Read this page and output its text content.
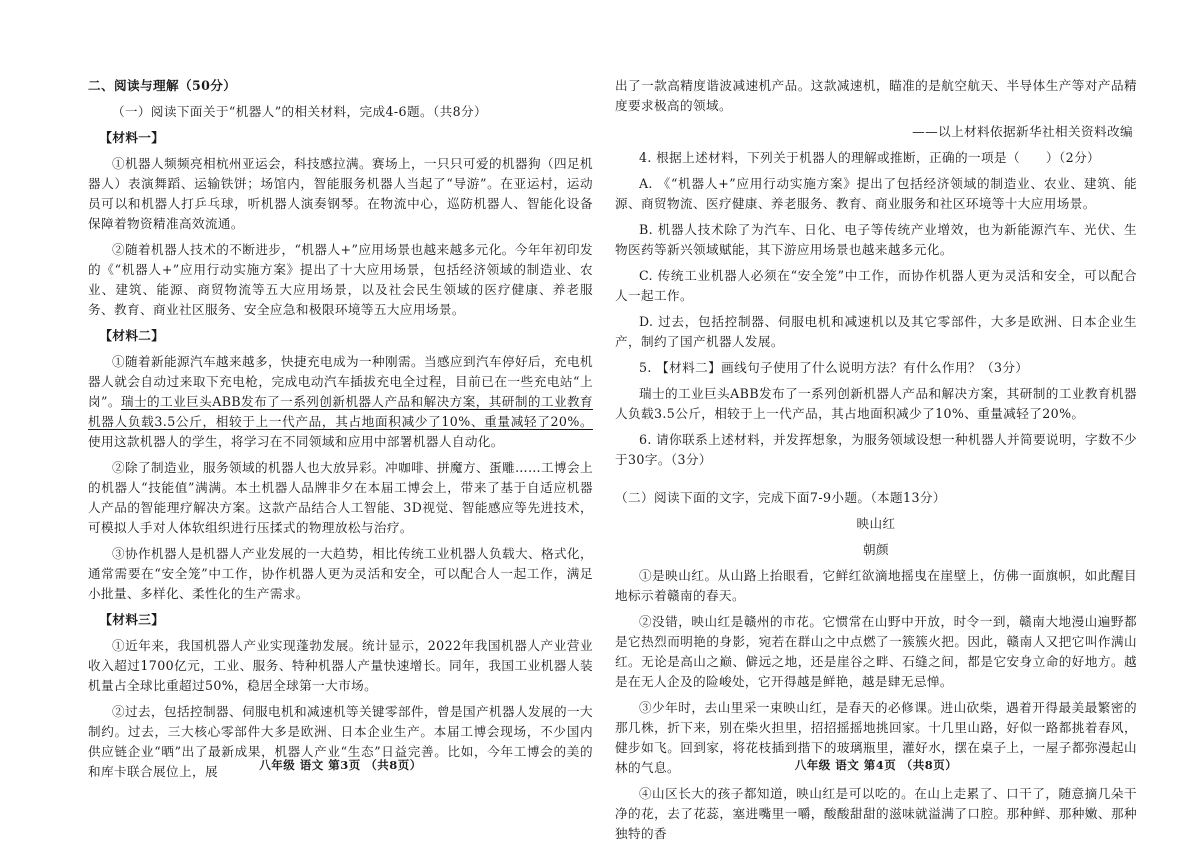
二、阅读与理解（50分）

（一）阅读下面关于“机器人”的相关材料，完成4-6题。（共8分）

【材料一】

①机器人频频亮相杭州亚运会，科技感拉满。赛场上，一只只可爱的机器狗（四足机器人）表演舞蹈、运输铁饼；场馆内，智能服务机器人当起了“导游”。在亚运村，运动员可以和机器人打乒乓球，听机器人演奏钢琴。在物流中心，巡防机器人、智能化设备保障着物资精准高效流通。

②随着机器人技术的不断进步，“机器人+”应用场景也越来越多元化。今年年初印发的《“机器人+”应用行动实施方案》提出了十大应用场景，包括经济领域的制造业、农业、建筑、能源、商贸物流等五大应用场景，以及社会民生领域的医疗健康、养老服务、教育、商业社区服务、安全应急和极限环境等五大应用场景。

【材料二】

①随着新能源汽车越来越多，快捷充电成为一种刚需。当感应到汽车停好后，充电机器人就会自动过来取下充电枪，完成电动汽车插拔充电全过程，目前已在一些充电站“上岗”。瑞士的工业巨头ABB发布了一系列创新机器人产品和解决方案，其研制的工业教育机器人负载3.5公斤，相较于上一代产品，其占地面积减少了10%、重量减轻了20%。使用这款机器人的学生，将学习在不同领域和应用中部署机器人自动化。

②除了制造业，服务领域的机器人也大放异彩。冲咖啡、拼魔方、蛋雕……工博会上的机器人“技能值”满满。本土机器人品牌非夕在本届工博会上，带来了基于自适应机器人产品的智能理疗解决方案。这款产品结合人工智能、3D视觉、智能感应等先进技术，可模拟人手对人体软组织进行压揉式的物理放松与治疗。

③协作机器人是机器人产业发展的一大趋势，相比传统工业机器人负载大、格式化，通常需要在“安全笼”中工作，协作机器人更为灵活和安全，可以配合人一起工作，满足小批量、多样化、柔性化的生产需求。

【材料三】

①近年来，我国机器人产业实现蓬勃发展。统计显示，2022年我国机器人产业营业收入超过1700亿元，工业、服务、特种机器人产量快速增长。同年，我国工业机器人装机量占全球比重超过50%，稳居全球第一大市场。

②过去，包括控制器、伺服电机和减速机等关键零部件，曾是国产机器人发展的一大制约。过去，三大核心零部件大多是欧洲、日本企业生产。本届工博会现场，不少国内供应链企业“晒”出了最新成果，机器人产业“生态”日益完善。比如，今年工博会的美的和库卡联合展位上，展	八年级 语文 第3页 （共8页）

出了一款高精度谐波减速机产品。这款减速机，瞄准的是航空航天、半导体生产等对产品精度要求极高的领域。

——以上材料依据新华社相关资料改编

4. 根据上述材料，下列关于机器人的理解或推断，正确的一项是（　　）（2分）

A. 《“机器人+”应用行动实施方案》提出了包括经济领域的制造业、农业、建筑、能源、商贸物流、医疗健康、养老服务、教育、商业服务和社区环境等十大应用场景。

B. 机器人技术除了为汽车、日化、电子等传统产业增效，也为新能源汽车、光伏、生物医药等新兴领域赋能，其下游应用场景也越来越多元化。

C. 传统工业机器人必须在“安全笼”中工作，而协作机器人更为灵活和安全，可以配合人一起工作。

D. 过去，包括控制器、伺服电机和减速机以及其它零部件，大多是欧洲、日本企业生产，制约了国产机器人发展。

5. 【材料二】画线句子使用了什么说明方法？有什么作用？（3分）

瑞士的工业巨头ABB发布了一系列创新机器人产品和解决方案，其研制的工业教育机器人负载3.5公斤，相较于上一代产品，其占地面积减少了10%、重量减轻了20%。

6. 请你联系上述材料，并发挥想象，为服务领域设想一种机器人并简要说明，字数不少于30字。（3分）

（二）阅读下面的文字，完成下面7-9小题。（本题13分）

映山红

朝颜

①是映山红。从山路上抬眼看，它鲜红欲滴地摇曳在崖壁上，仿佛一面旗帜，如此醒目地标示着赣南的春天。

②没错，映山红是赣州的市花。它惯常在山野中开放，时令一到，赣南大地漫山遍野都是它热烈而明艳的身影，宛若在群山之中点燃了一簇簇火把。因此，赣南人又把它叫作满山红。无论是高山之巅、僻远之地，还是崖谷之畔、石缝之间，都是它安身立命的好地方。越是在无人企及的险峻处，它开得越是鲜艳，越是肆无忌惮。

③少年时，去山里采一束映山红，是春天的必修课。进山砍柴，遇着开得最美最繁密的那几株，折下来，别在柴火担里，招招摇摇地挑回家。十几里山路，好似一路都挑着春风，健步如飞。回到家，将花枝插到揩下的玻璃瓶里，灌好水，摆在桌子上，一屋子都弥漫起山林的气息。

④山区长大的孩子都知道，映山红是可以吃的。在山上走累了、口干了，随意摘几朵干净的花，去了花蕊，塞进嘴里一嚼，酸酸甜甜的滋味就溢满了口腔。那种鲜、那种嫩、那种独特的香

八年级 语文 第4页 （共8页）
